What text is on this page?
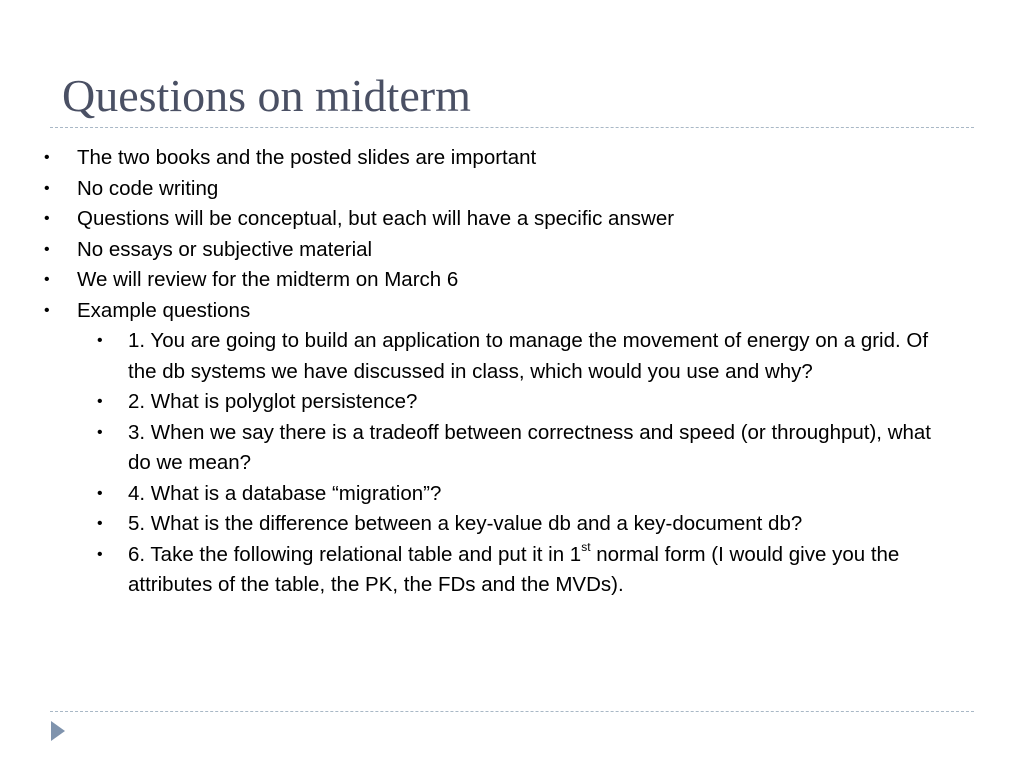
Questions on midterm
• The two books and the posted slides are important
• No code writing
• Questions will be conceptual, but each will have a specific answer
• No essays or subjective material
• We will review for the midterm on March 6
• Example questions
• 1. You are going to build an application to manage the movement of energy on a grid. Of the db systems we have discussed in class, which would you use and why?
• 2. What is polyglot persistence?
• 3. When we say there is a tradeoff between correctness and speed (or throughput), what do we mean?
• 4. What is a database “migration”?
• 5. What is the difference between a key-value db and a key-document db?
• 6. Take the following relational table and put it in 1st normal form (I would give you the attributes of the table, the PK, the FDs and the MVDs).
